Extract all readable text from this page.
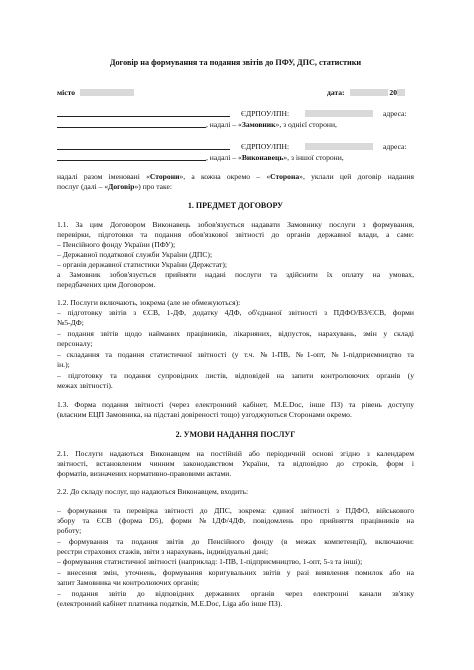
Договір на формування та подання звітів до ПФУ, ДПС, статистики
місто	дата:	20
ЄДРПОУ/ІПН:	адреса:
, надалі – «Замовник», з однієї сторони,
ЄДРПОУ/ІПН:	адреса:
, надалі – «Виконавець», з іншої сторони,
надалі разом іменовані «Сторони», а кожна окремо – «Сторона», уклали цей договір надання
послуг (далі – «Договір») про таке:
1. ПРЕДМЕТ ДОГОВОРУ
1.1. За цим Договором Виконавець зобов'язується надавати Замовнику послуги з формування,
перевірки, підготовки та подання обов'язкової звітності до органів державної влади, а саме:
– Пенсійного фонду України (ПФУ);
– Державної податкової служби України (ДПС);
– органів державної статистики України (Держстат);
а Замовник зобов'язується прийняти надані послуги та здійснити їх оплату на умовах,
передбачених цим Договором.
1.2. Послуги включають, зокрема (але не обмежуються):
– підготовку звітів з ЄСВ, 1-ДФ, додатку 4ДФ, об'єднаної звітності з ПДФО/ВЗ/ЄСВ, форми
№5-ДФ;
– подання звітів щодо найманих працівників, лікарняних, відпусток, нарахувань, змін у складі
персоналу;
– складання та подання статистичної звітності (у т.ч. №1-ПВ, №1-опт, №1-підприємництво та
ін.);
– підготовку та подання супровідних листів, відповідей на запити контролюючих органів (у
межах звітності).
1.3. Форма подання звітності (через електронний кабінет, M.E.Doc, інше ПЗ) та рівень доступу
(власним ЕЦП Замовника, на підставі довіреності тощо) узгоджуються Сторонами окремо.
2. УМОВИ НАДАННЯ ПОСЛУГ
2.1. Послуги надаються Виконавцем на постійній або періодичній основі згідно з календарем
звітності, встановленим чинним законодавством України, та відповідно до строків, форм і
форматів, визначених нормативно-правовими актами.
2.2. До складу послуг, що надаються Виконавцем, входить:
– формування та перевірка звітності до ДПС, зокрема: єдиної звітності з ПДФО, військового
збору та ЄСВ (форма D5), форми №1ДФ/4ДФ, повідомлень про прийняття працівників на
роботу;
– формування та подання звітів до Пенсійного фонду (в межах компетенції), включаючи:
реєстри страхових стажів, звіти з нарахувань, індивідуальні дані;
– формування статистичної звітності (наприклад: 1-ПВ, 1-підприємництво, 1-опт, 5-з та інші);
– внесення змін, уточнень, формування коригувальних звітів у разі виявлення помилок або на
запит Замовника чи контролюючих органів;
– подання звітів до відповідних державних органів через електронні канали зв'язку
(електронний кабінет платника податків, M.E.Doc, Liga або інше ПЗ).
